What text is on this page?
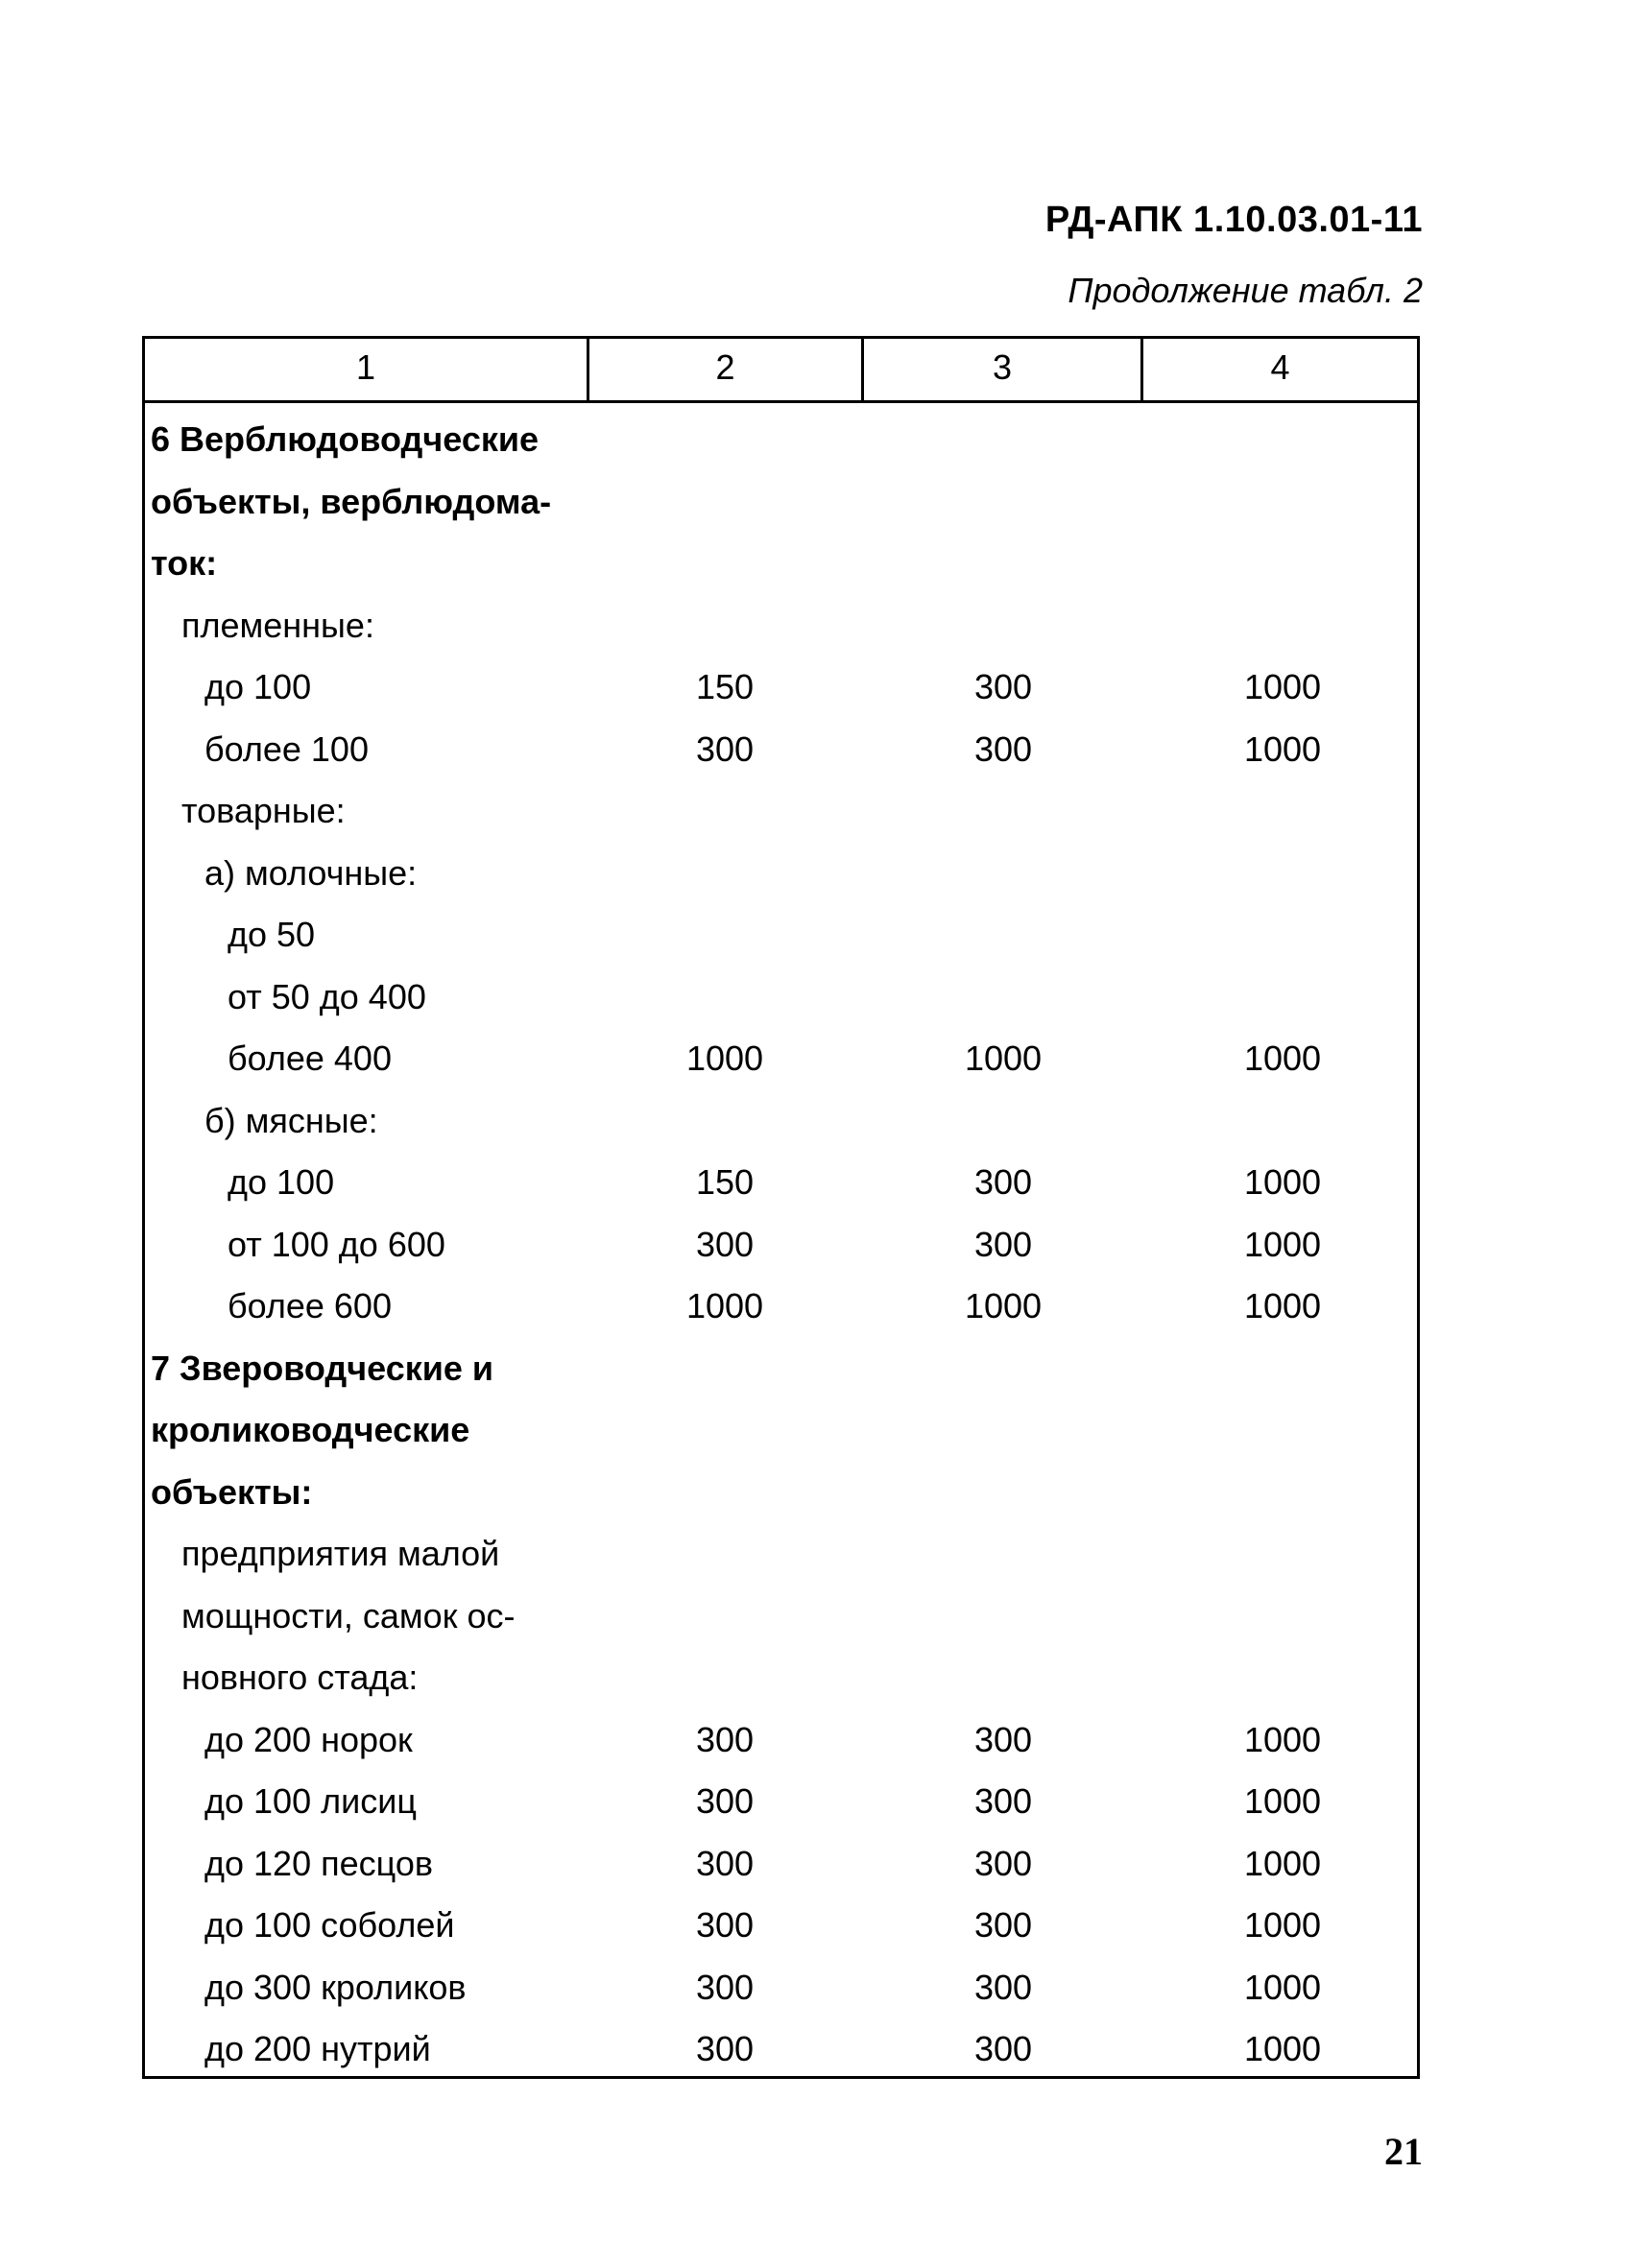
РД-АПК 1.10.03.01-11
Продолжение табл. 2
1	2	3	4
6 Верблюдоводческие
объекты, верблюдома-
ток:
племенные:
до 100	150	300	1000
более 100	300	300	1000
товарные:
а) молочные:
до 50
от 50 до 400
более 400	1000	1000	1000
б) мясные:
до 100	150	300	1000
от 100 до 600	300	300	1000
более 600	1000	1000	1000
7 Звероводческие и
кролиководческие
объекты:
предприятия малой
мощности, самок ос-
новного стада:
до 200 норок	300	300	1000
до 100 лисиц	300	300	1000
до 120 песцов	300	300	1000
до 100 соболей	300	300	1000
до 300 кроликов	300	300	1000
до 200 нутрий	300	300	1000
21
